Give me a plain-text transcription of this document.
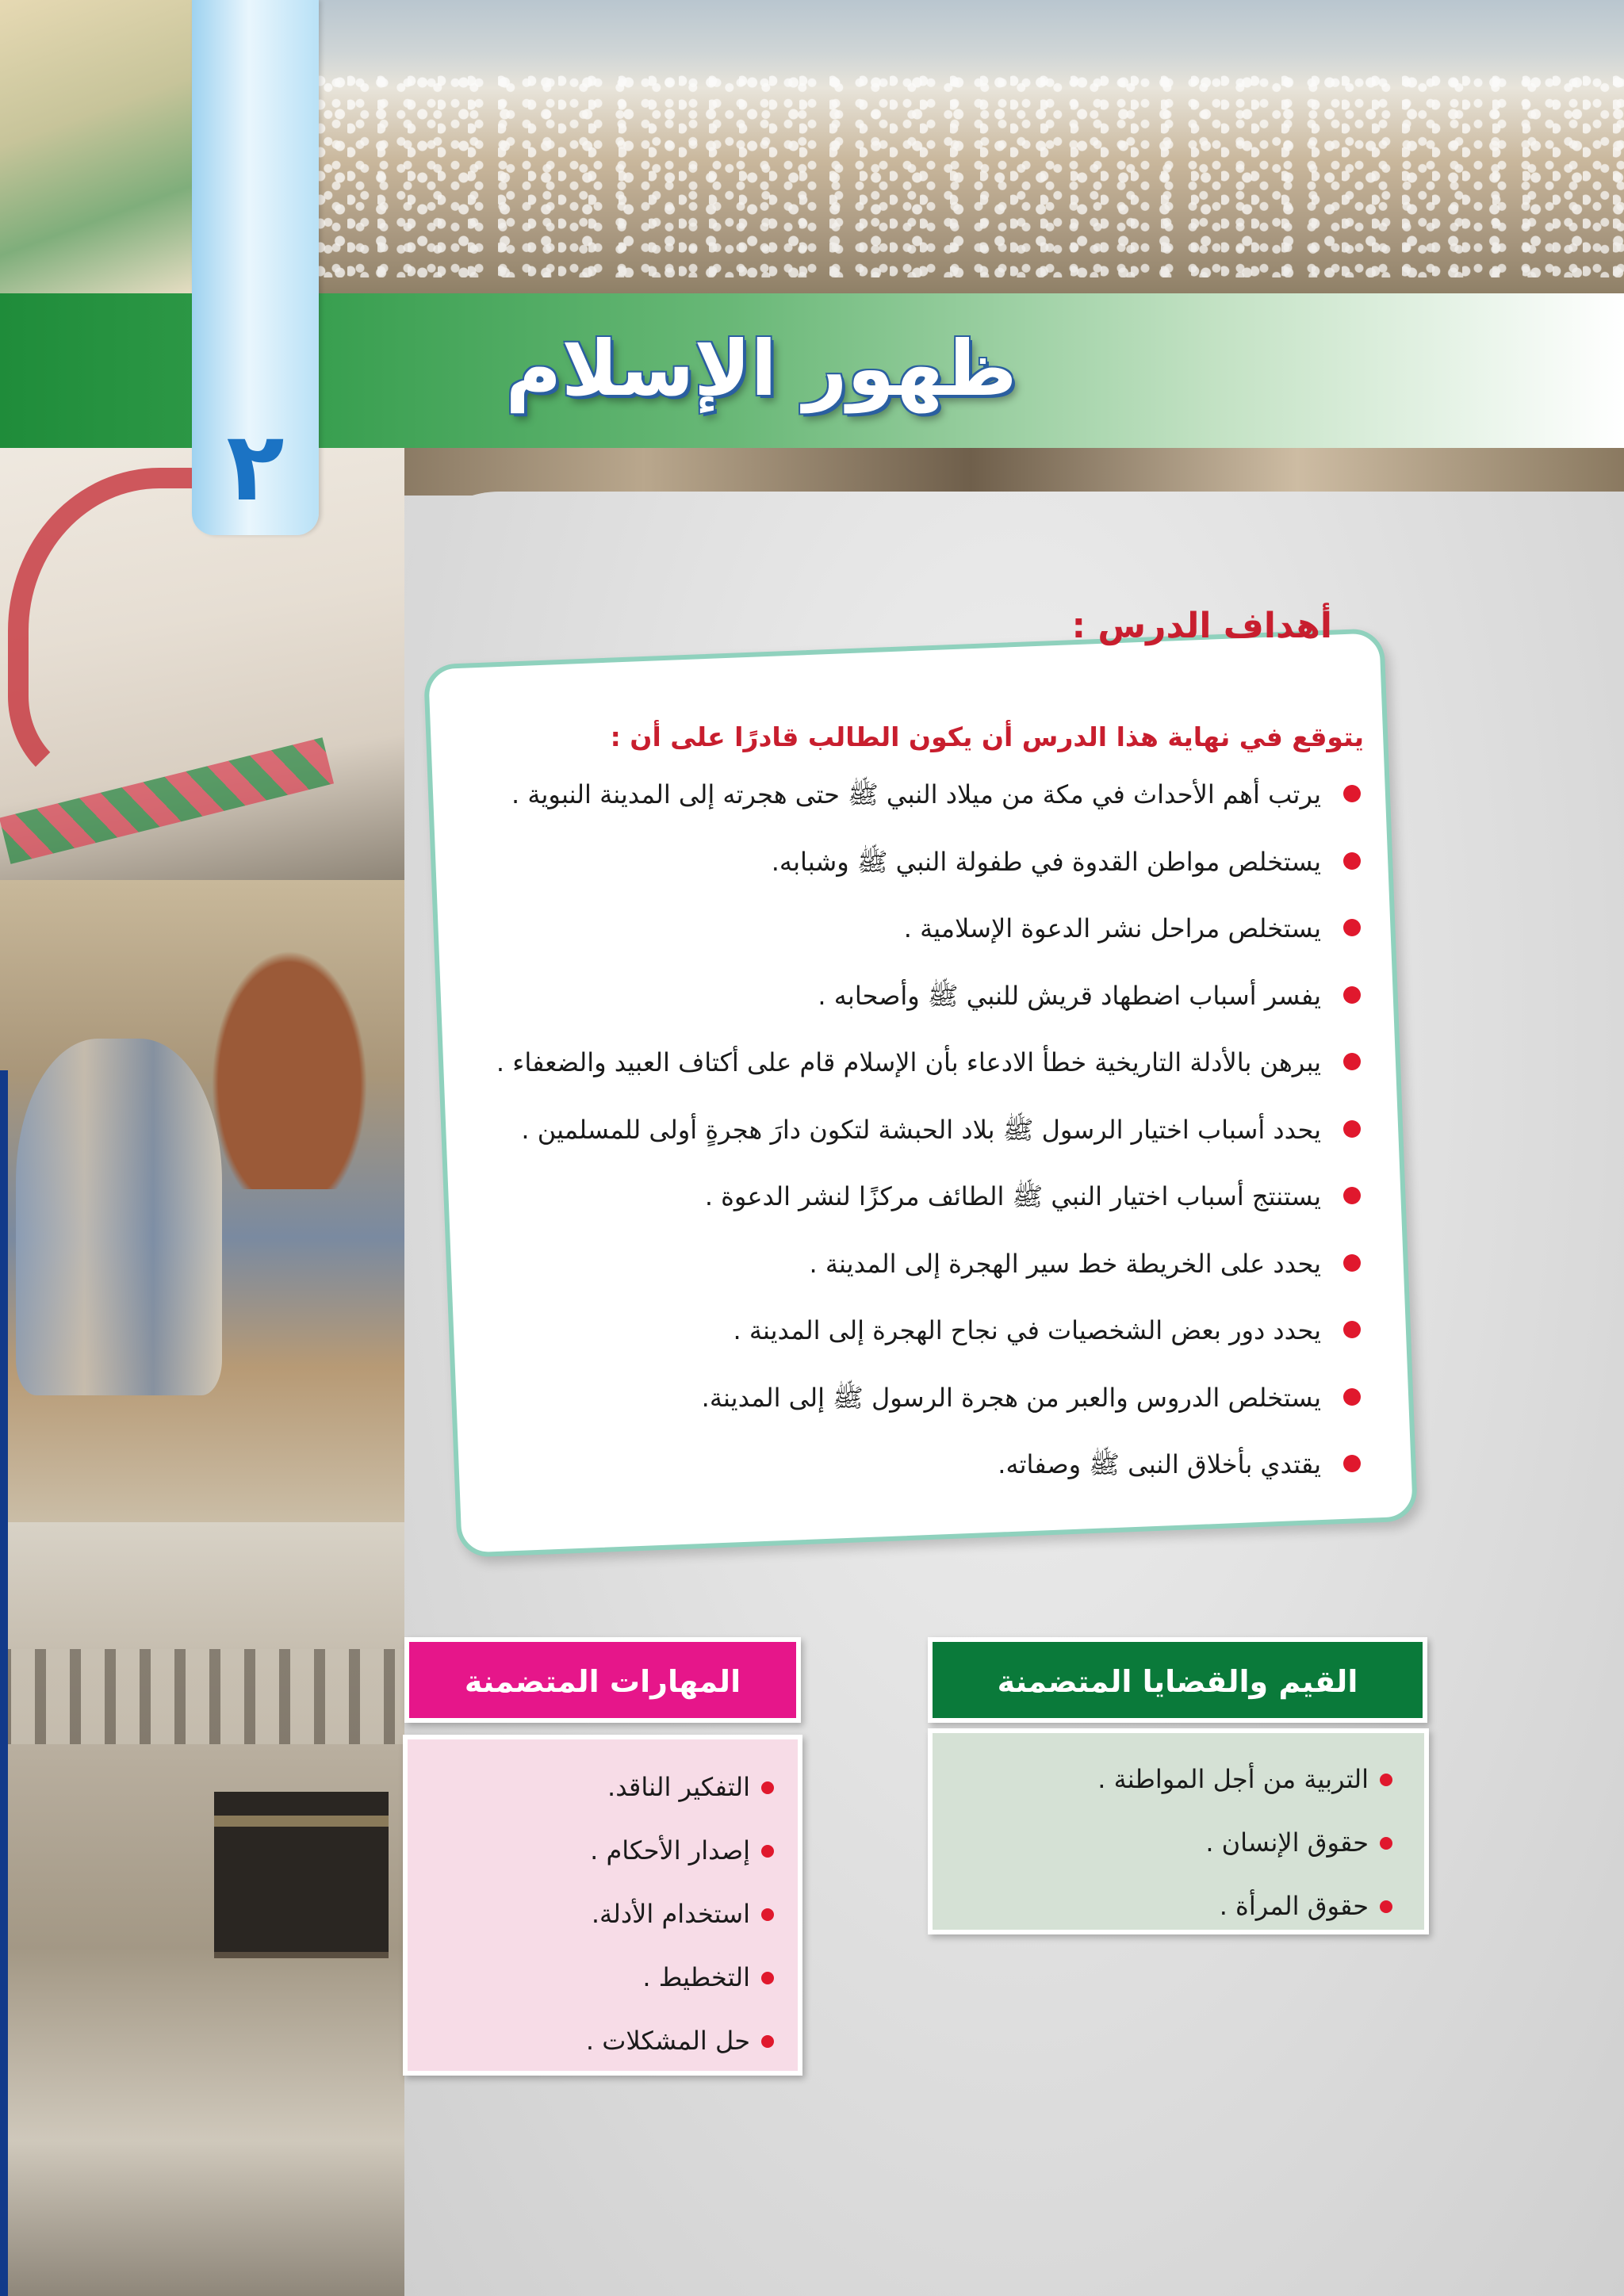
ظهور الإسلام
٢
أهداف الدرس :
يتوقع في نهاية هذا الدرس أن يكون الطالب قادرًا على أن :
يرتب أهم الأحداث في مكة من ميلاد النبي ﷺ حتى هجرته إلى المدينة النبوية .
يستخلص مواطن القدوة في طفولة النبي ﷺ وشبابه.
يستخلص مراحل نشر الدعوة الإسلامية .
يفسر أسباب اضطهاد قريش للنبي ﷺ وأصحابه .
يبرهن بالأدلة التاريخية خطأ الادعاء بأن الإسلام قام على أكتاف العبيد والضعفاء .
يحدد أسباب اختيار الرسول ﷺ بلاد الحبشة لتكون دارَ هجرةٍ أولى للمسلمين .
يستنتج أسباب اختيار النبي ﷺ الطائف مركزًا لنشر الدعوة .
يحدد على الخريطة خط سير الهجرة إلى المدينة .
يحدد دور بعض الشخصيات في نجاح الهجرة إلى المدينة .
يستخلص الدروس والعبر من هجرة الرسول ﷺ إلى المدينة.
يقتدي بأخلاق النبى ﷺ وصفاته.
المهارات المتضمنة
التفكير الناقد.
إصدار الأحكام .
استخدام الأدلة.
التخطيط .
حل المشكلات .
القيم والقضايا المتضمنة
التربية من أجل المواطنة .
حقوق الإنسان .
حقوق المرأة .
